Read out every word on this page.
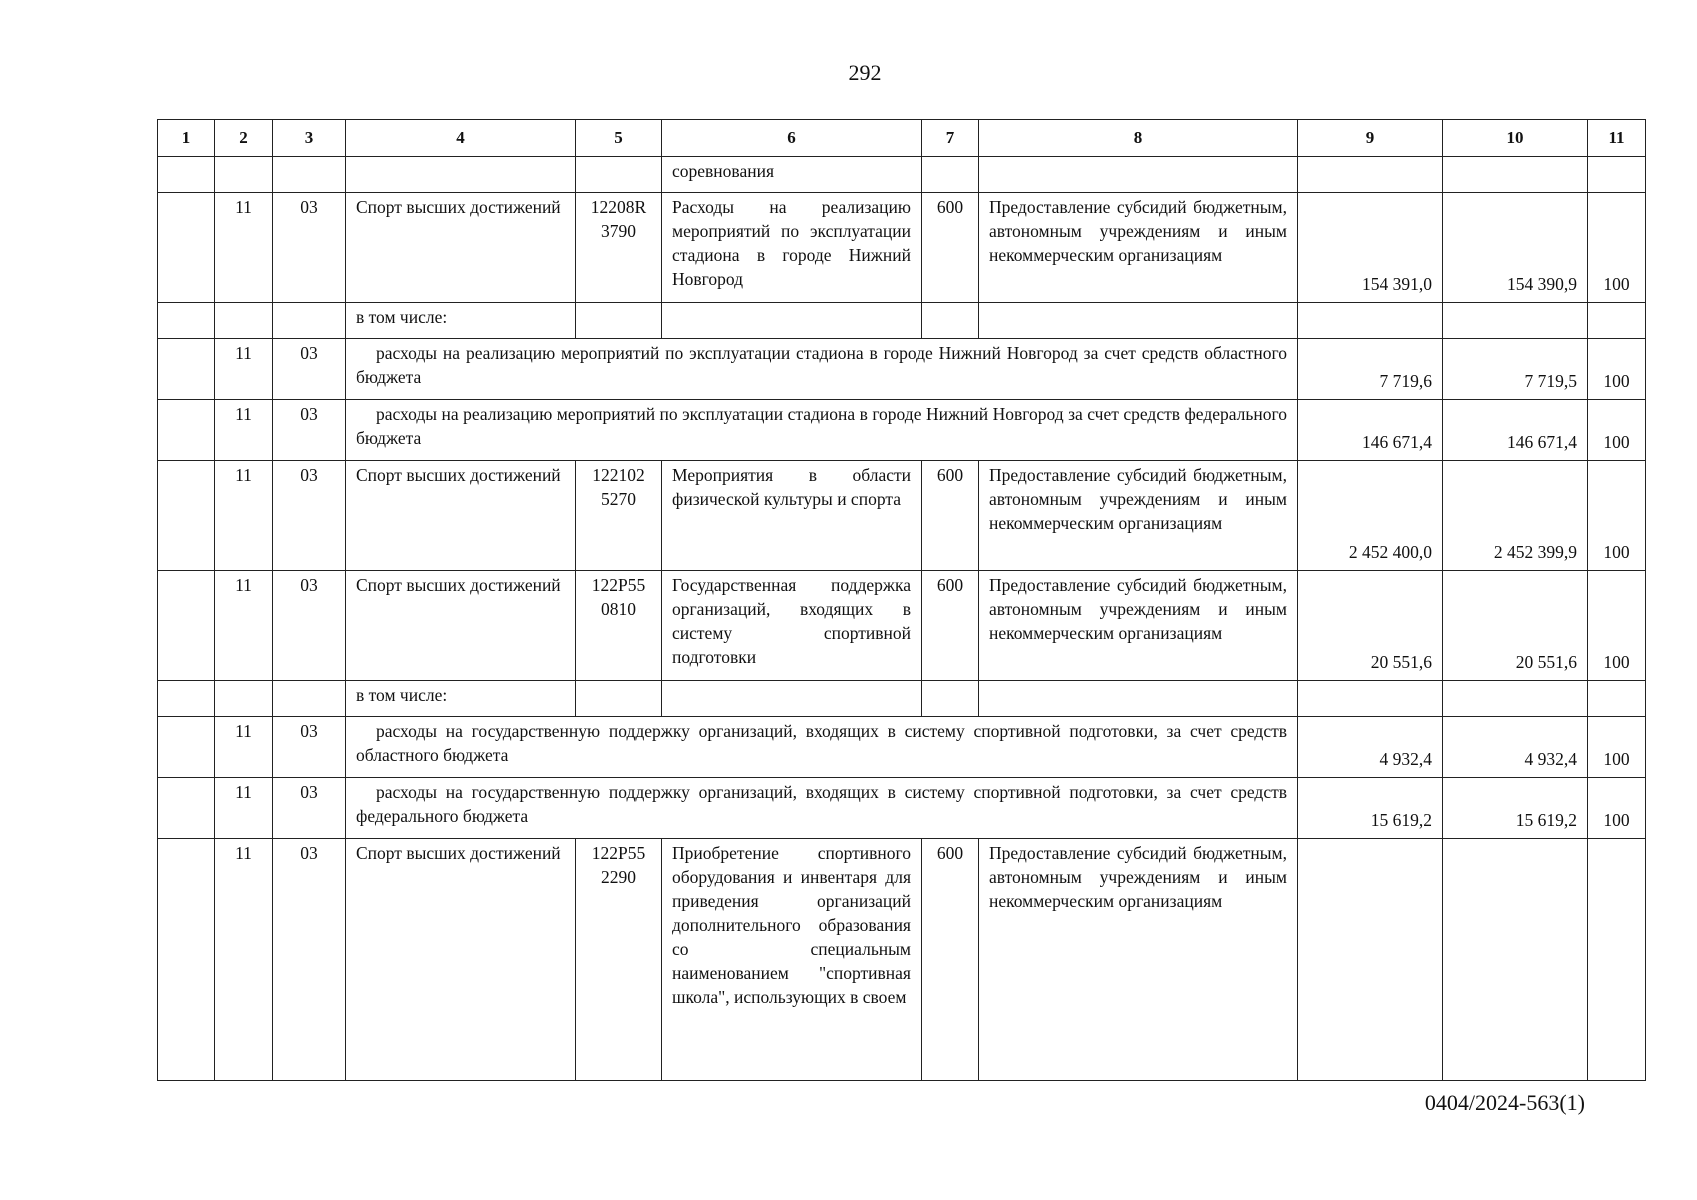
292
1	2	3	4	5	6	7	8	9	10	11
					соревнования					
	11	03	Спорт высших достижений	12208R 3790	Расходы на реализацию мероприятий по эксплуатации стадиона в городе Нижний Новгород	600	Предоставление субсидий бюджетным, автономным учреждениям и иным некоммерческим организациям	154 391,0	154 390,9	100
			в том числе:							
	11	03	расходы на реализацию мероприятий по эксплуатации стадиона в городе Нижний Новгород за счет средств областного бюджета					7 719,6	7 719,5	100
	11	03	расходы на реализацию мероприятий по эксплуатации стадиона в городе Нижний Новгород за счет средств федерального бюджета					146 671,4	146 671,4	100
	11	03	Спорт высших достижений	122102 5270	Мероприятия в области физической культуры и спорта	600	Предоставление субсидий бюджетным, автономным учреждениям и иным некоммерческим организациям	2 452 400,0	2 452 399,9	100
	11	03	Спорт высших достижений	122Р55 0810	Государственная поддержка организаций, входящих в систему спортивной подготовки	600	Предоставление субсидий бюджетным, автономным учреждениям и иным некоммерческим организациям	20 551,6	20 551,6	100
			в том числе:							
	11	03	расходы на государственную поддержку организаций, входящих в систему спортивной подготовки, за счет средств областного бюджета					4 932,4	4 932,4	100
	11	03	расходы на государственную поддержку организаций, входящих в систему спортивной подготовки, за счет средств федерального бюджета					15 619,2	15 619,2	100
	11	03	Спорт высших достижений	122Р55 2290	Приобретение спортивного оборудования и инвентаря для приведения организаций дополнительного образования со специальным наименованием "спортивная школа", использующих в своем	600	Предоставление субсидий бюджетным, автономным учреждениям и иным некоммерческим организациям			
0404/2024-563(1)
